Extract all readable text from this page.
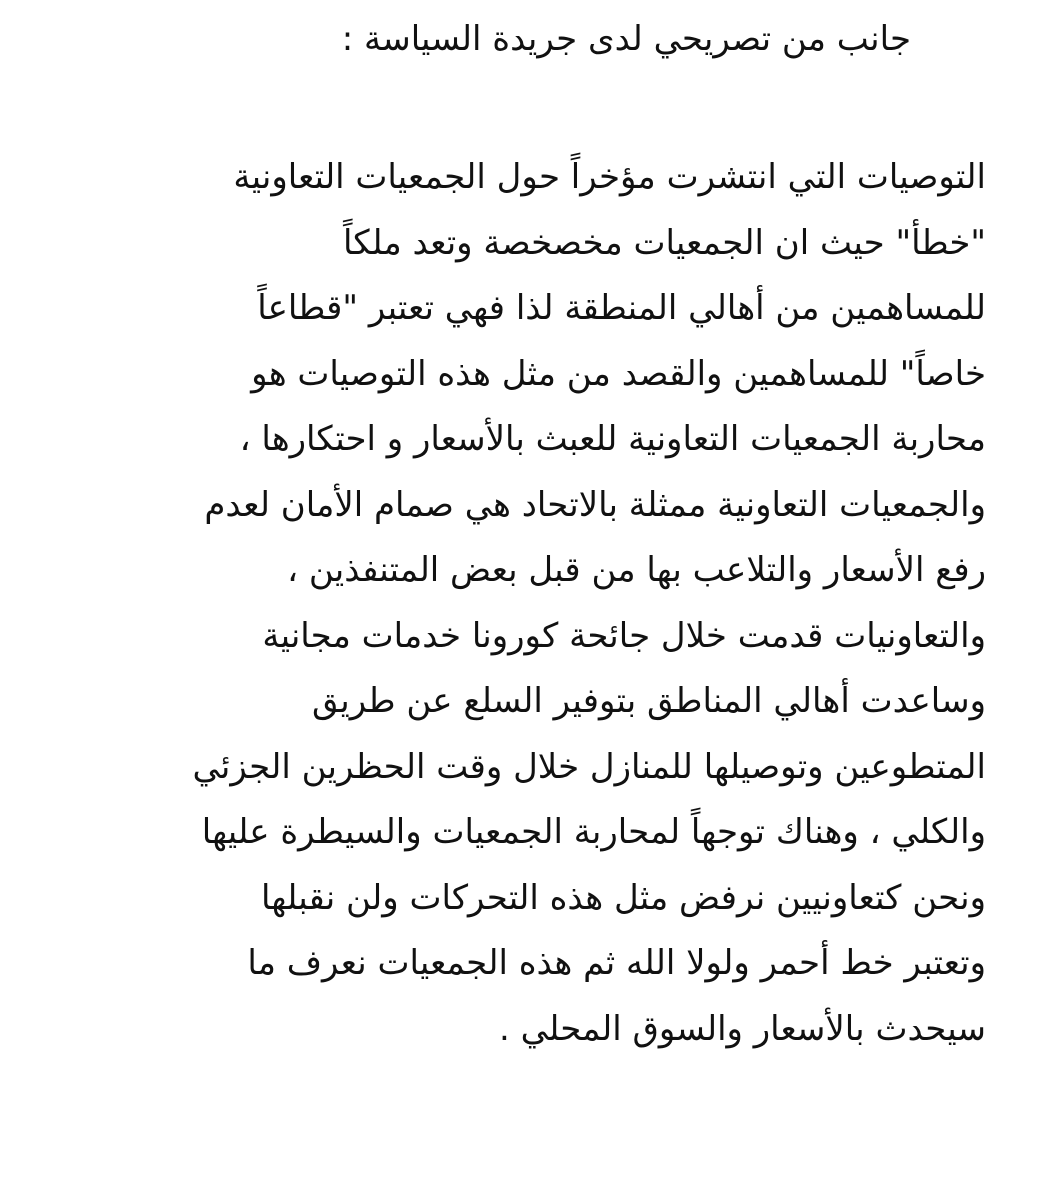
جانب من تصريحي لدى جريدة السياسة :
التوصيات التي انتشرت مؤخراً حول الجمعيات التعاونية
"خطأ" حيث ان الجمعيات مخصخصة وتعد ملكاً
للمساهمين من أهالي المنطقة لذا فهي تعتبر "قطاعاً
خاصاً" للمساهمين والقصد من مثل هذه التوصيات هو
محاربة الجمعيات التعاونية للعبث بالأسعار و احتكارها ،
والجمعيات التعاونية ممثلة بالاتحاد هي صمام الأمان لعدم
رفع الأسعار والتلاعب بها من قبل بعض المتنفذين ،
والتعاونيات قدمت خلال جائحة كورونا خدمات مجانية
وساعدت أهالي المناطق بتوفير السلع عن طريق
المتطوعين وتوصيلها للمنازل خلال وقت الحظرين الجزئي
والكلي ، وهناك توجهاً لمحاربة الجمعيات والسيطرة عليها
ونحن كتعاونيين نرفض مثل هذه التحركات ولن نقبلها
وتعتبر خط أحمر ولولا الله ثم هذه الجمعيات نعرف ما
سيحدث بالأسعار والسوق المحلي .
